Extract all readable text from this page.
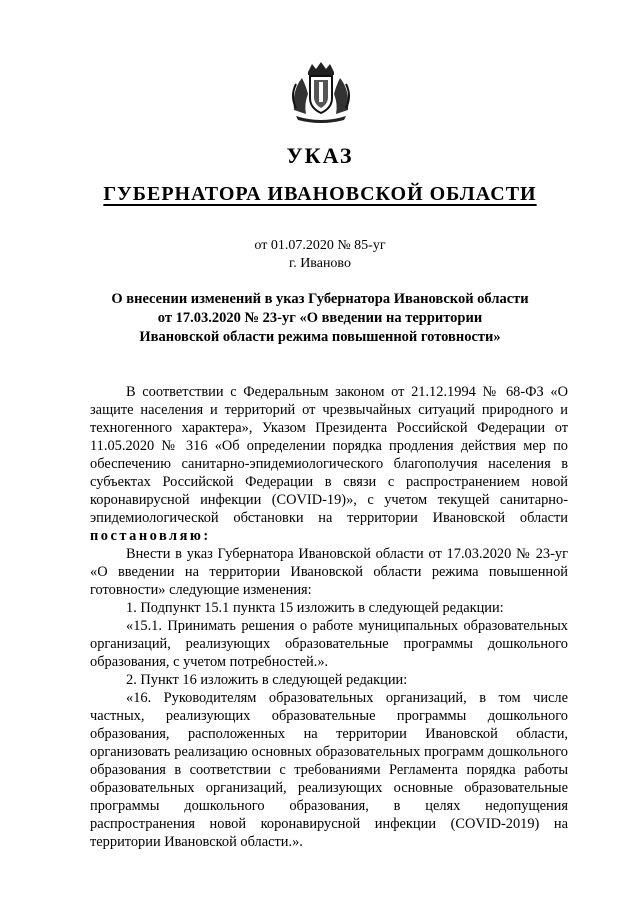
УКАЗ
ГУБЕРНАТОРА ИВАНОВСКОЙ ОБЛАСТИ
от 01.07.2020 № 85-уг
г. Иваново
О внесении изменений в указ Губернатора Ивановской области
от 17.03.2020 № 23-уг «О введении на территории
Ивановской области режима повышенной готовности»

В соответствии с Федеральным законом от 21.12.1994 № 68-ФЗ «О защите населения и территорий от чрезвычайных ситуаций природного и техногенного характера», Указом Президента Российской Федерации от 11.05.2020 № 316 «Об определении порядка продления действия мер по обеспечению санитарно-эпидемиологического благополучия населения в субъектах Российской Федерации в связи с распространением новой коронавирусной инфекции (COVID-19)», с учетом текущей санитарно-эпидемиологической обстановки на территории Ивановской области постановляю:

Внести в указ Губернатора Ивановской области от 17.03.2020 № 23-уг «О введении на территории Ивановской области режима повышенной готовности» следующие изменения:

1. Подпункт 15.1 пункта 15 изложить в следующей редакции:

«15.1. Принимать решения о работе муниципальных образовательных организаций, реализующих образовательные программы дошкольного образования, с учетом потребностей.».

2. Пункт 16 изложить в следующей редакции:

«16. Руководителям образовательных организаций, в том числе частных, реализующих образовательные программы дошкольного образования, расположенных на территории Ивановской области, организовать реализацию основных образовательных программ дошкольного образования в соответствии с требованиями Регламента порядка работы образовательных организаций, реализующих основные образовательные программы дошкольного образования, в целях недопущения распространения новой коронавирусной инфекции (COVID-2019) на территории Ивановской области.».
